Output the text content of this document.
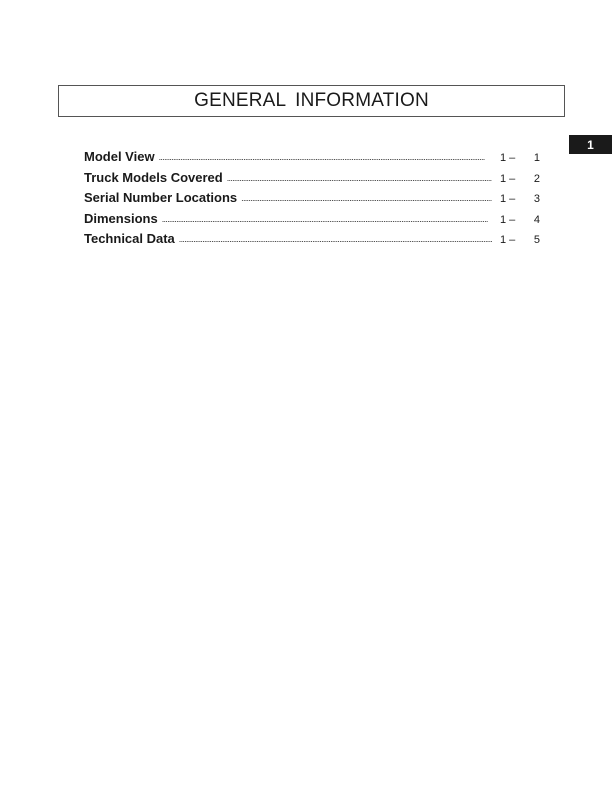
GENERAL INFORMATION
1
Model View . . .	1 – 1
Truck Models Covered . . .	1 – 2
Serial Number Locations . . .	1 – 3
Dimensions . . .	1 – 4
Technical Data . . .	1 – 5
